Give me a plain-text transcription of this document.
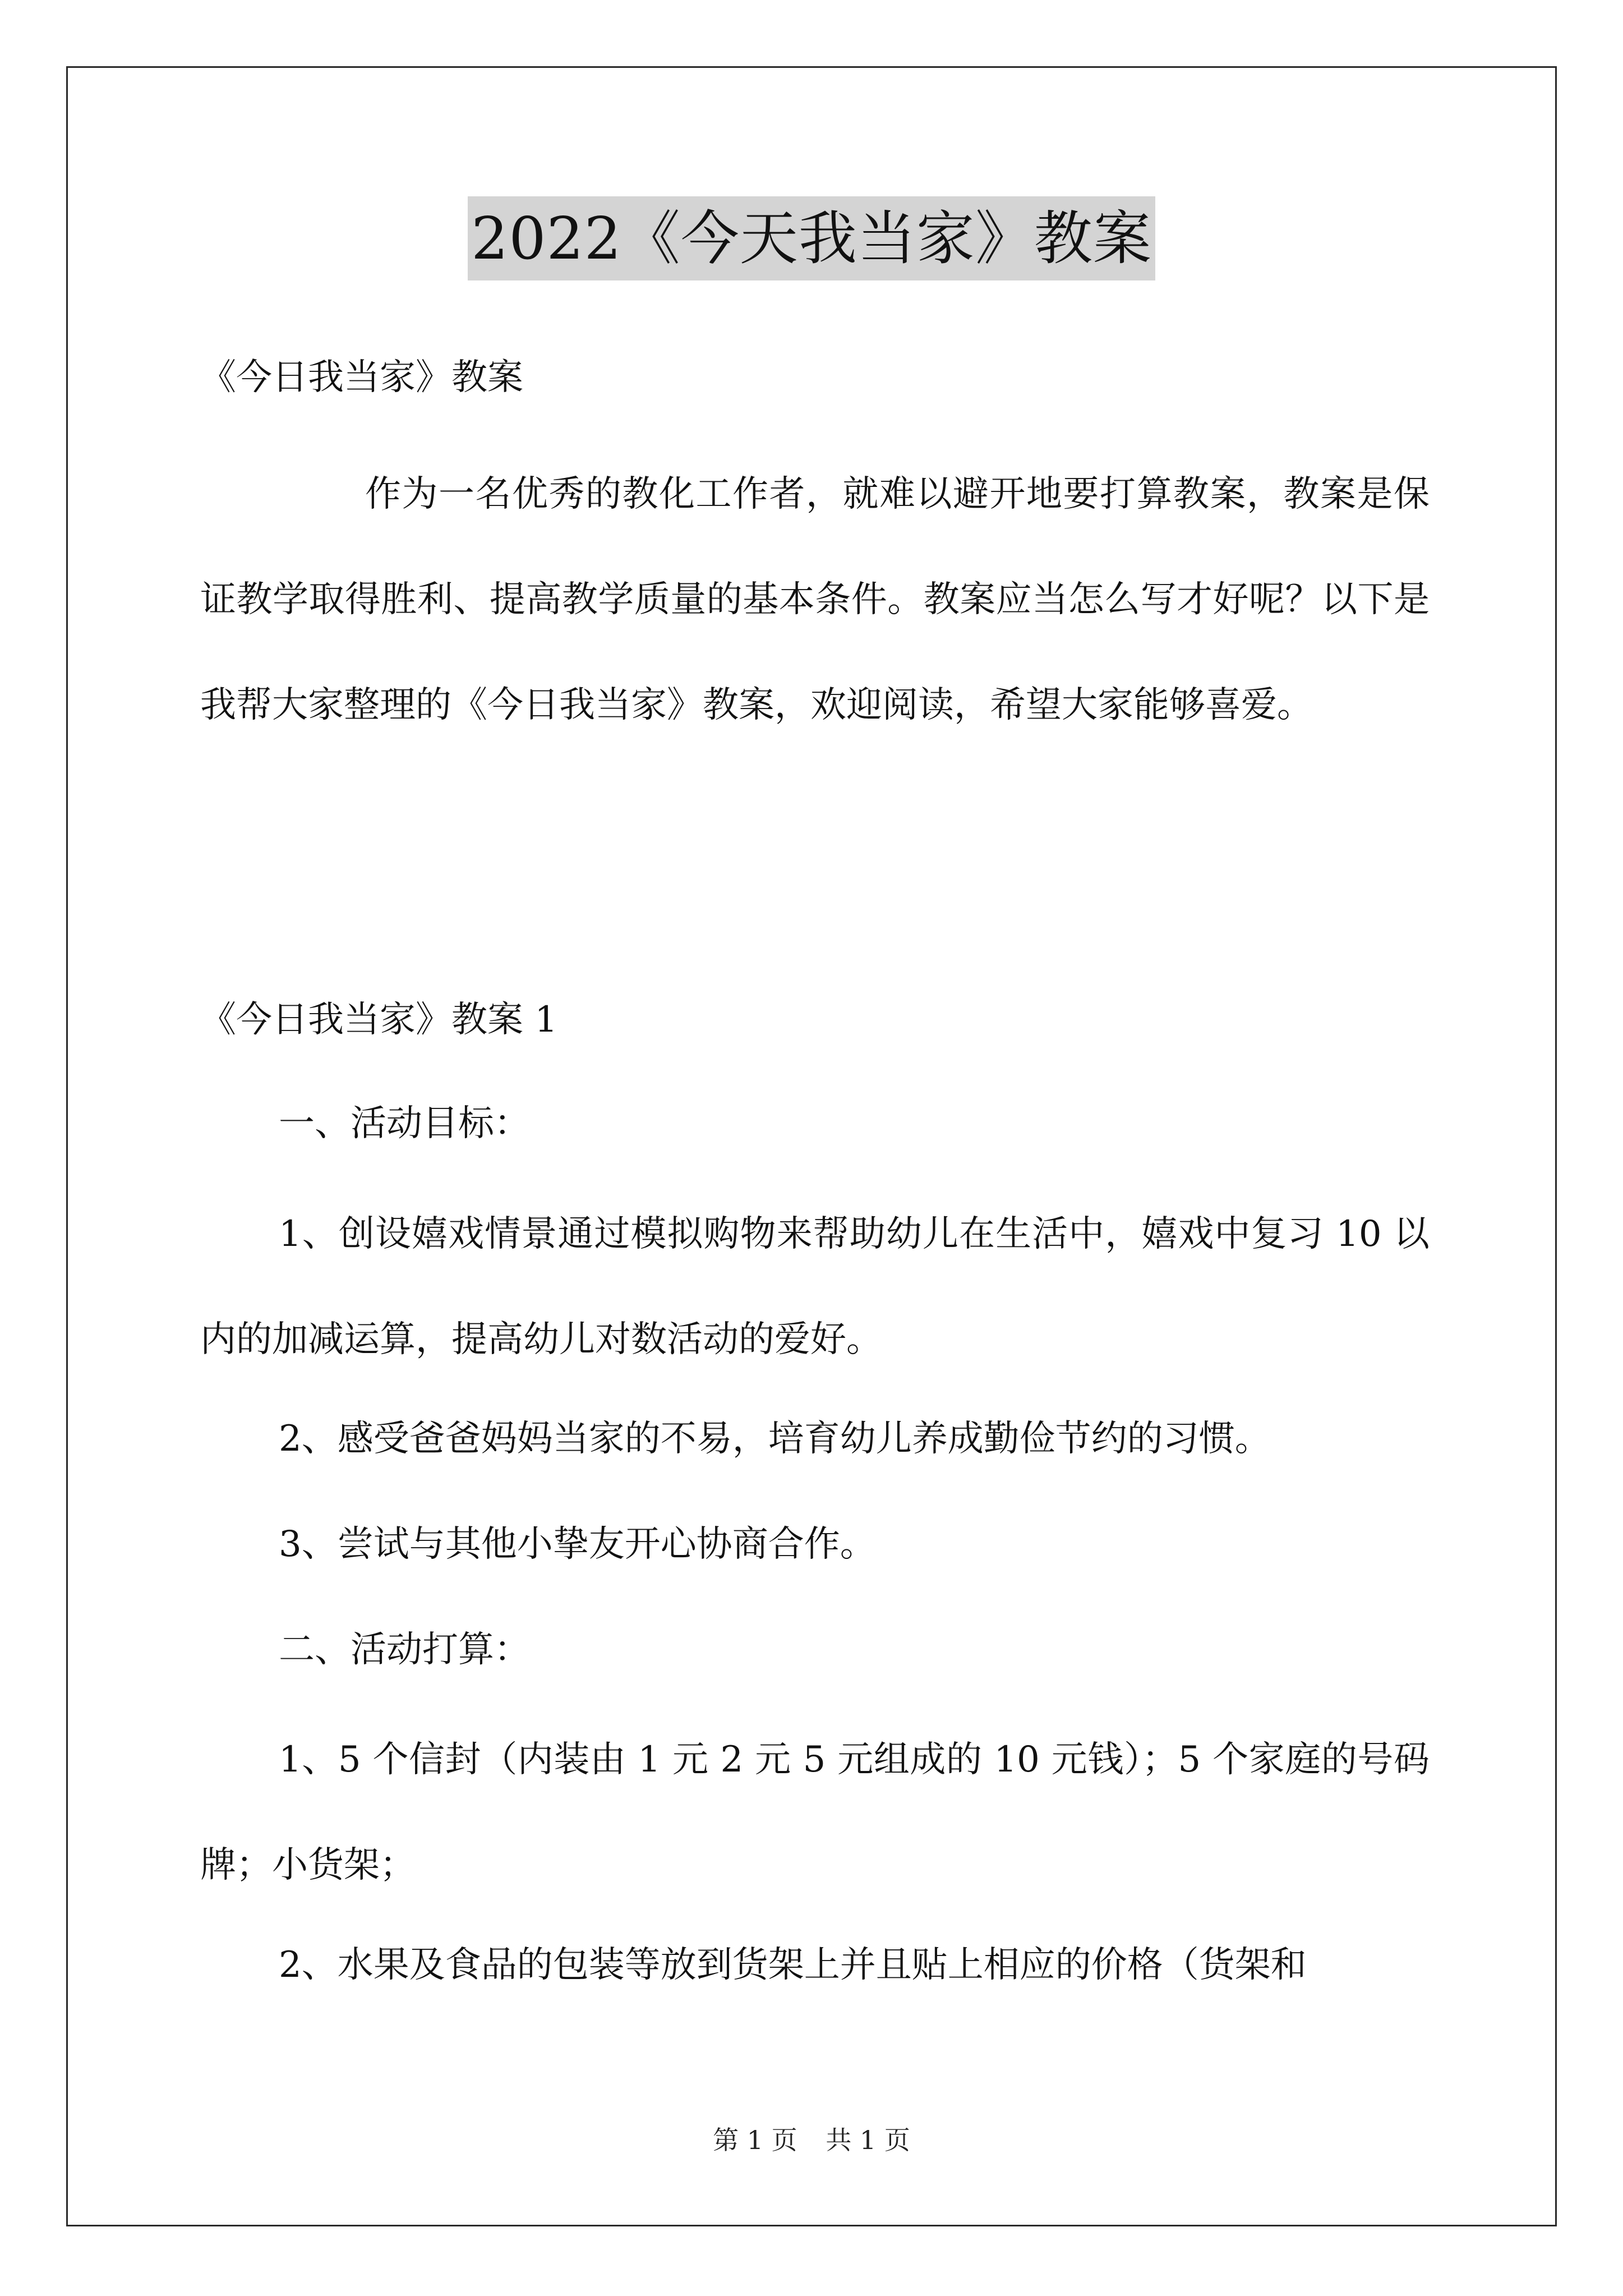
2022《今天我当家》教案
《今日我当家》教案
作为一名优秀的教化工作者，就难以避开地要打算教案，教案是保证教学取得胜利、提高教学质量的基本条件。教案应当怎么写才好呢？以下是我帮大家整理的《今日我当家》教案，欢迎阅读，希望大家能够喜爱。
《今日我当家》教案 1
一、活动目标：
1、创设嬉戏情景通过模拟购物来帮助幼儿在生活中，嬉戏中复习 10 以内的加减运算，提高幼儿对数活动的爱好。
2、感受爸爸妈妈当家的不易，培育幼儿养成勤俭节约的习惯。
3、尝试与其他小挚友开心协商合作。
二、活动打算：
1、5 个信封（内装由 1 元 2 元 5 元组成的 10 元钱）；5 个家庭的号码牌；小货架；
2、水果及食品的包装等放到货架上并且贴上相应的价格（货架和
第 1 页 共 1 页
